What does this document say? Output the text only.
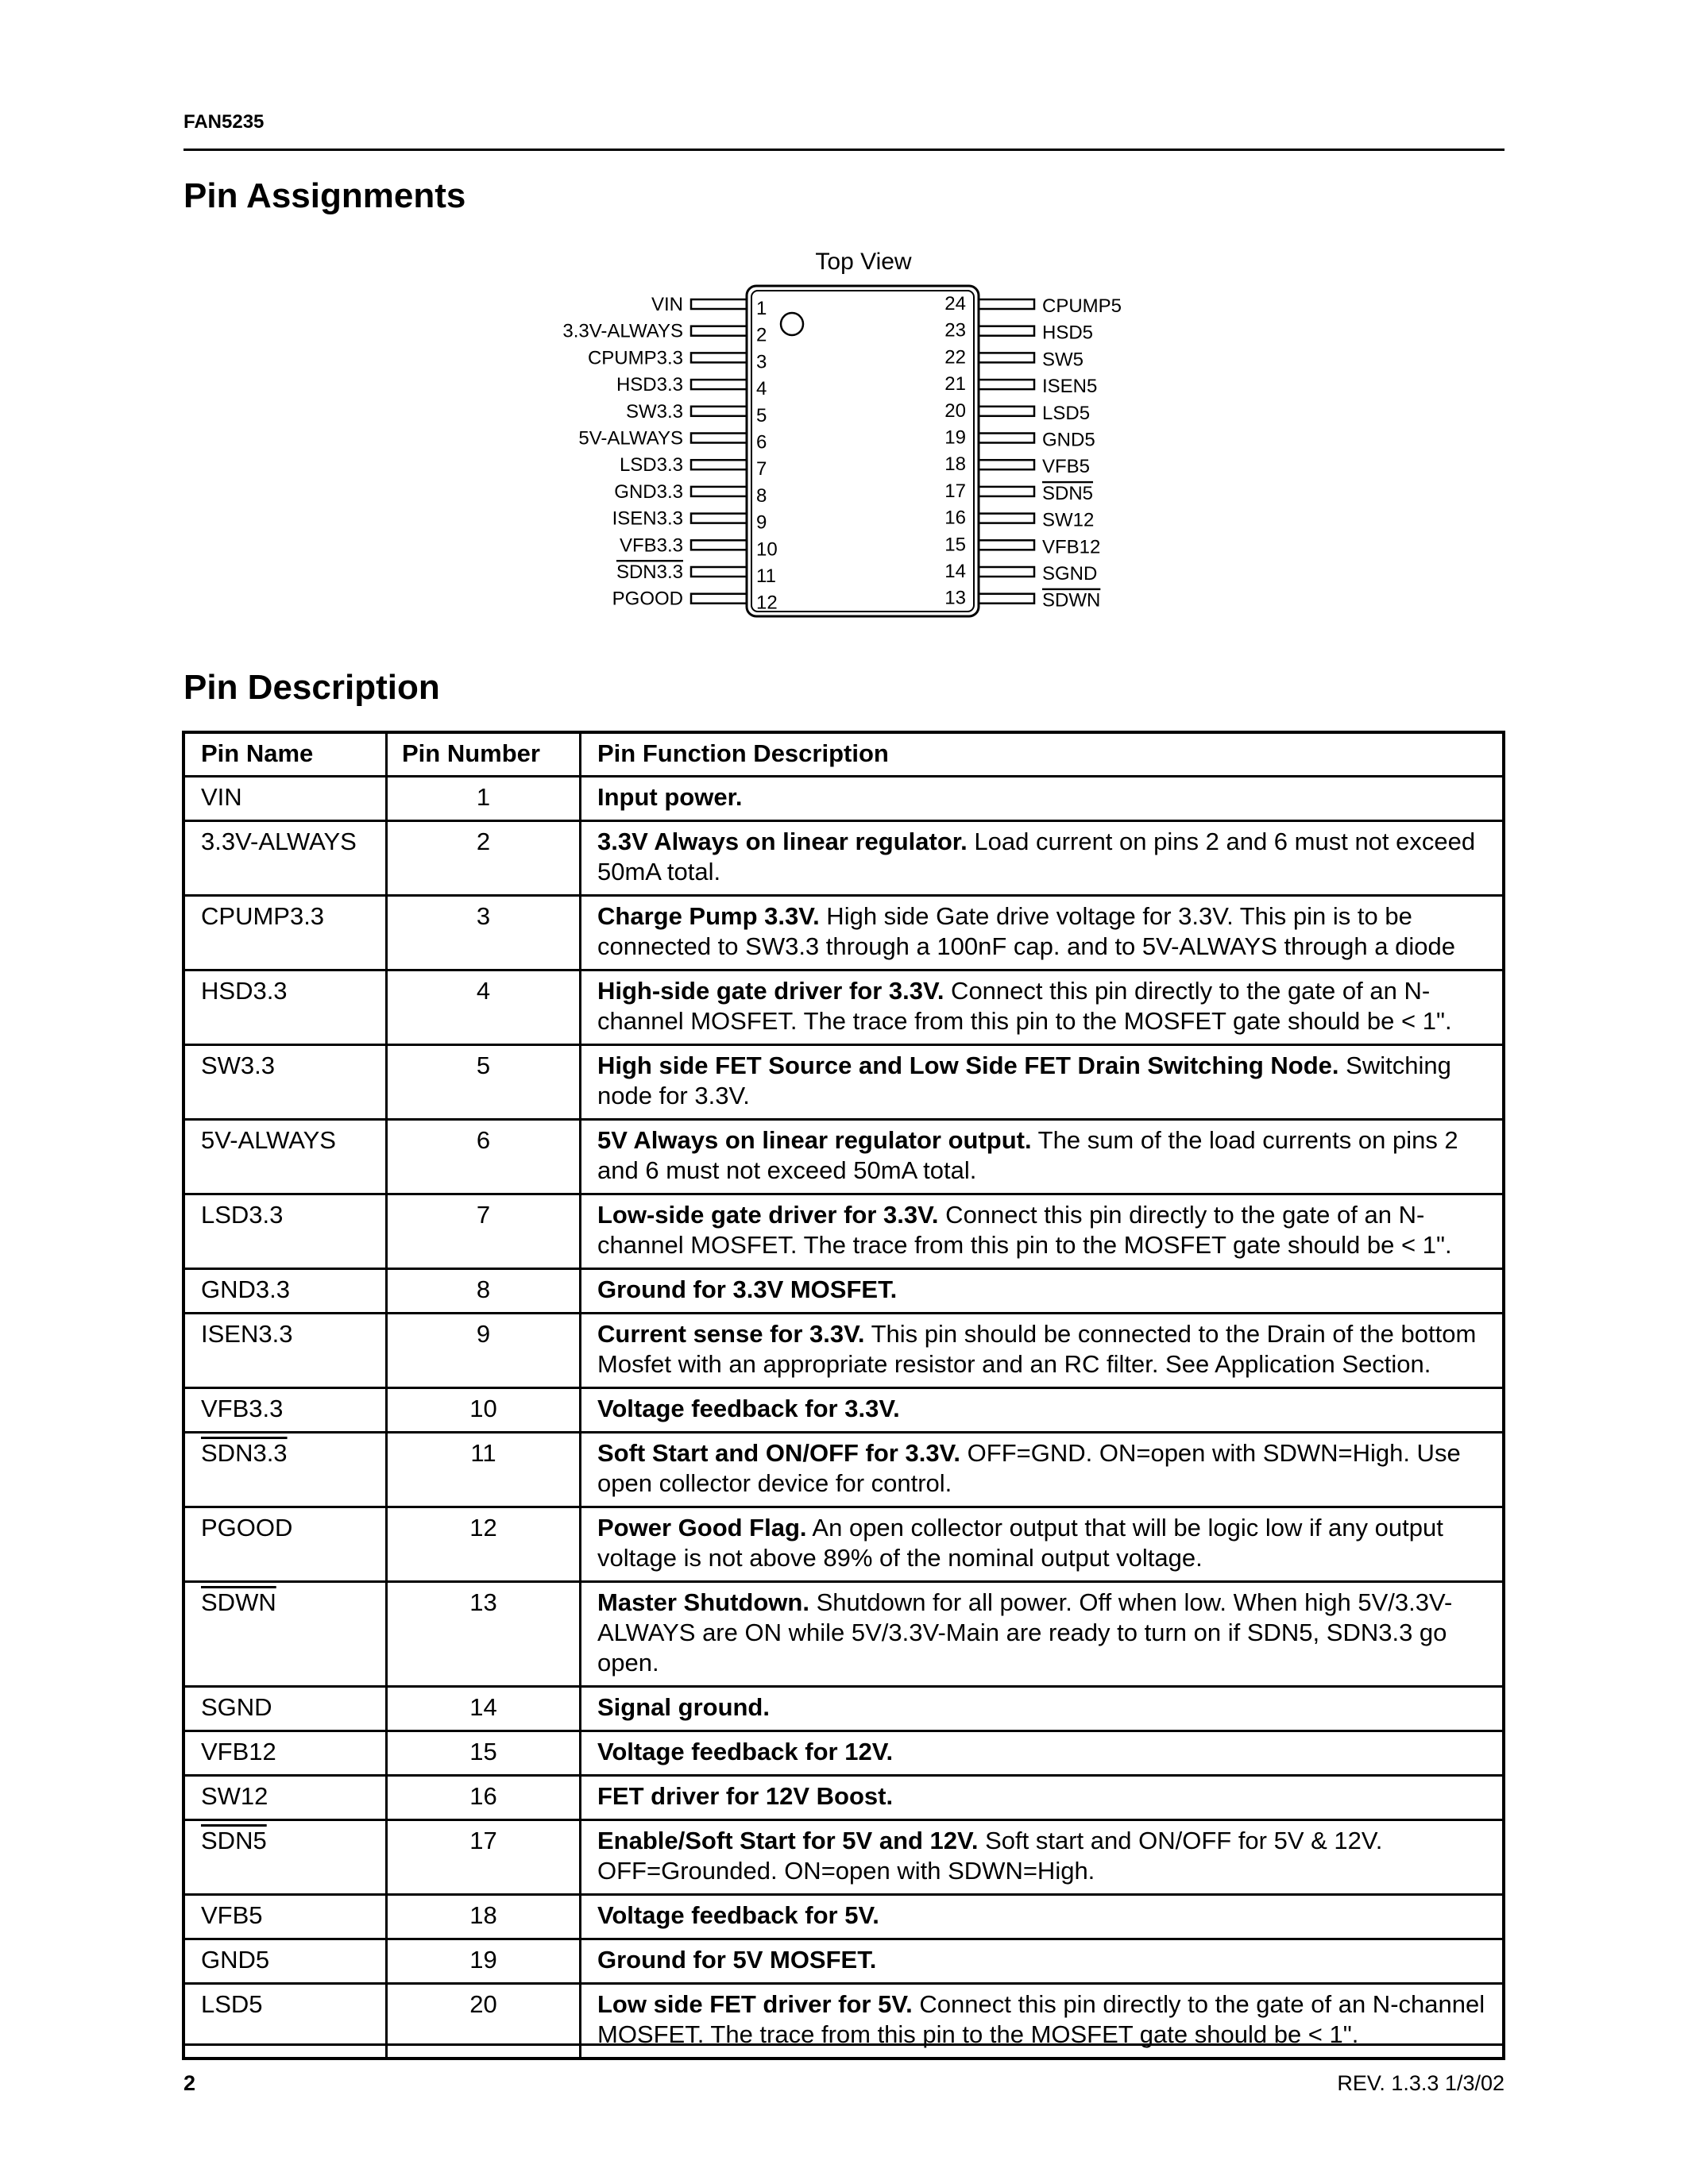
FAN5235
Pin Assignments
Top View
VIN	1
3.3V-ALWAYS	2
CPUMP3.3	3
HSD3.3	4
SW3.3	5
5V-ALWAYS	6
LSD3.3	7
GND3.3	8
ISEN3.3	9
VFB3.3	10
SDN3.3	11
PGOOD	12
CPUMP5
24
HSD5
23
SW5
22
ISEN5
21
LSD5
20
GND5
19
VFB5
18
SDN5
17
SW12
16
VFB12
15
SGND
14
SDWN
13
Pin Description
Pin Name	Pin Number	Pin Function Description
VIN	1	Input power.
3.3V-ALWAYS	2	3.3V Always on linear regulator. Load current on pins 2 and 6 must not exceed 50mA total.
CPUMP3.3	3	Charge Pump 3.3V. High side Gate drive voltage for 3.3V. This pin is to be connected to SW3.3 through a 100nF cap. and to 5V-ALWAYS through a diode
HSD3.3	4	High-side gate driver for 3.3V. Connect this pin directly to the gate of an N-channel MOSFET. The trace from this pin to the MOSFET gate should be < 1".
SW3.3	5	High side FET Source and Low Side FET Drain Switching Node. Switching node for 3.3V.
5V-ALWAYS	6	5V Always on linear regulator output. The sum of the load currents on pins 2 and 6 must not exceed 50mA total.
LSD3.3	7	Low-side gate driver for 3.3V. Connect this pin directly to the gate of an N-channel MOSFET. The trace from this pin to the MOSFET gate should be < 1".
GND3.3	8	Ground for 3.3V MOSFET.
ISEN3.3	9	Current sense for 3.3V. This pin should be connected to the Drain of the bottom Mosfet with an appropriate resistor and an RC filter. See Application Section.
VFB3.3	10	Voltage feedback for 3.3V.
SDN3.3	11	Soft Start and ON/OFF for 3.3V. OFF=GND. ON=open with SDWN=High. Use open collector device for control.
PGOOD	12	Power Good Flag. An open collector output that will be logic low if any output voltage is not above 89% of the nominal output voltage.
SDWN	13	Master Shutdown. Shutdown for all power. Off when low. When high 5V/3.3V-ALWAYS are ON while 5V/3.3V-Main are ready to turn on if SDN5, SDN3.3 go open.
SGND	14	Signal ground.
VFB12	15	Voltage feedback for 12V.
SW12	16	FET driver for 12V Boost.
SDN5	17	Enable/Soft Start for 5V and 12V. Soft start and ON/OFF for 5V & 12V. OFF=Grounded. ON=open with SDWN=High.
VFB5	18	Voltage feedback for 5V.
GND5	19	Ground for 5V MOSFET.
LSD5	20	Low side FET driver for 5V. Connect this pin directly to the gate of an N-channel MOSFET. The trace from this pin to the MOSFET gate should be < 1".
2	REV. 1.3.3 1/3/02
